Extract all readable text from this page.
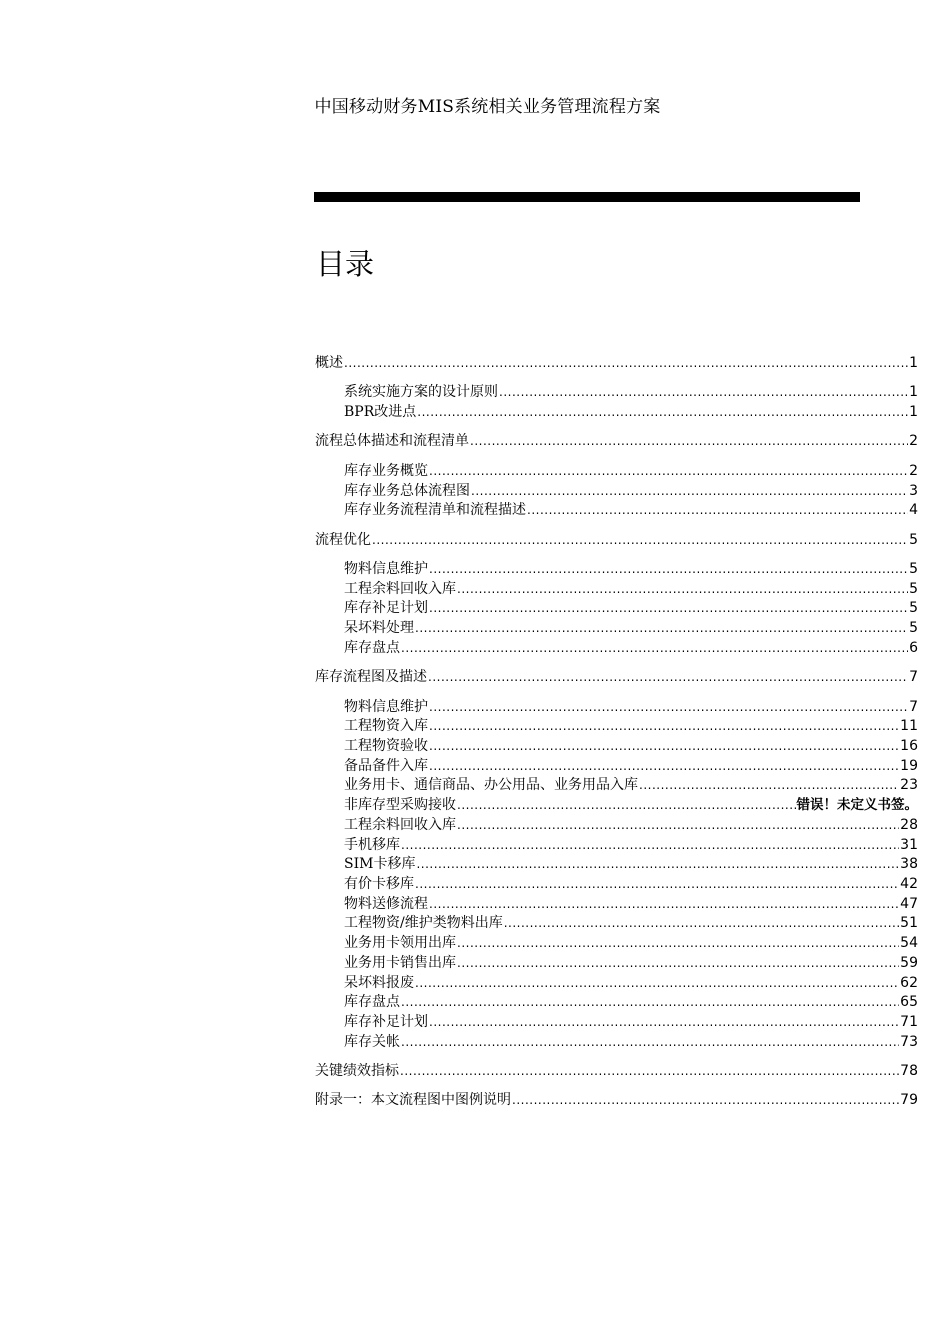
中国移动财务MIS系统相关业务管理流程方案
目录
概述 .....	1
系统实施方案的设计原则 .....	1
BPR改进点 .....	1
流程总体描述和流程清单 .....	2
库存业务概览 .....	2
库存业务总体流程图 .....	3
库存业务流程清单和流程描述 .....	4
流程优化 .....	5
物料信息维护 .....	5
工程余料回收入库 .....	5
库存补足计划 .....	5
呆坏料处理 .....	5
库存盘点 .....	6
库存流程图及描述 .....	7
物料信息维护 .....	7
工程物资入库 .....	11
工程物资验收 .....	16
备品备件入库 .....	19
业务用卡、通信商品、办公用品、业务用品入库 .....	23
非库存型采购接收 .....	错误！未定义书签。
工程余料回收入库 .....	28
手机移库 .....	31
SIM卡移库 .....	38
有价卡移库 .....	42
物料送修流程 .....	47
工程物资/维护类物料出库 .....	51
业务用卡领用出库 .....	54
业务用卡销售出库 .....	59
呆坏料报废 .....	62
库存盘点 .....	65
库存补足计划 .....	71
库存关帐 .....	73
关键绩效指标 .....	78
附录一：本文流程图中图例说明 .....	79
